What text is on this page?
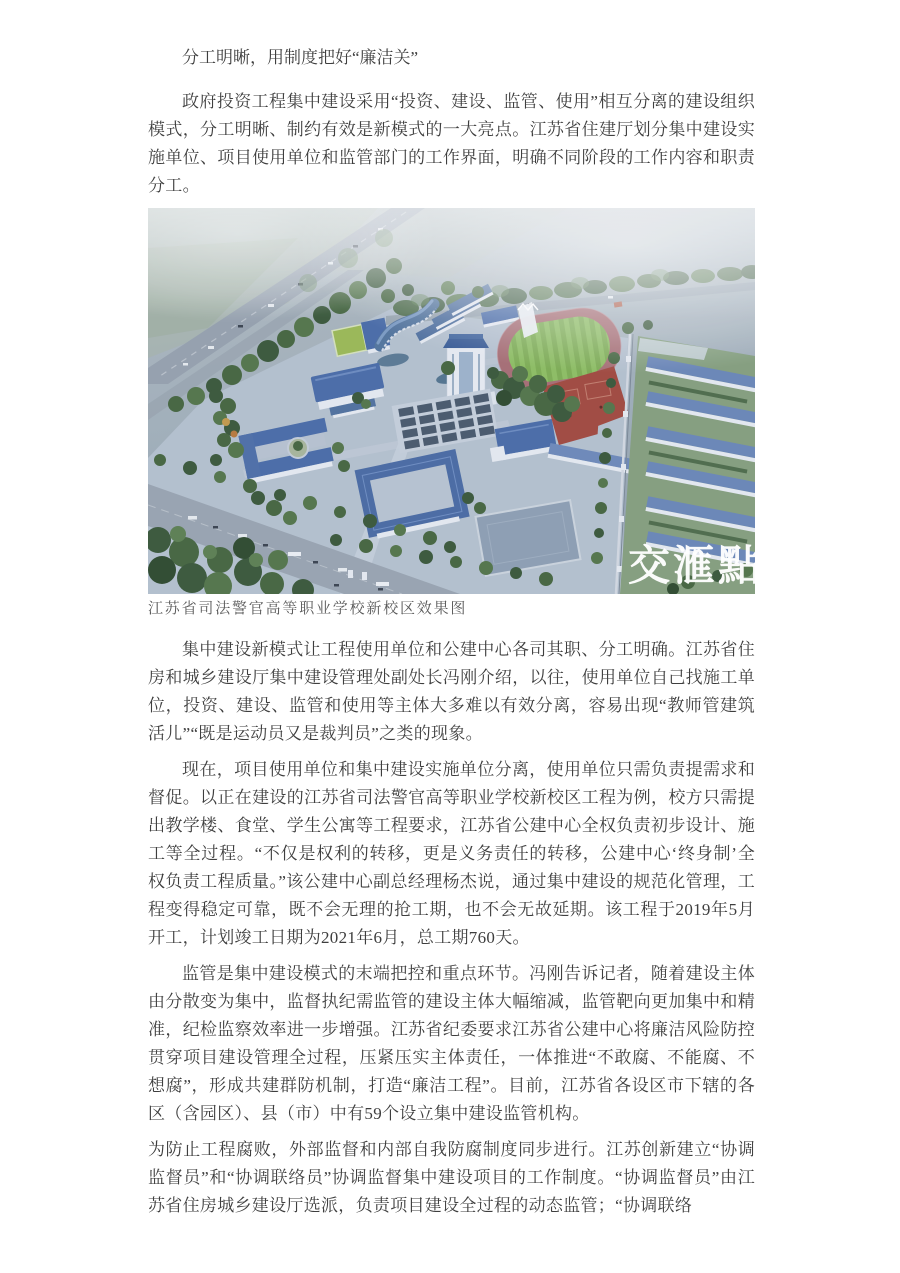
分工明晰，用制度把好“廉洁关”

政府投资工程集中建设采用“投资、建设、监管、使用”相互分离的建设组织模式，分工明晰、制约有效是新模式的一大亮点。江苏省住建厅划分集中建设实施单位、项目使用单位和监管部门的工作界面，明确不同阶段的工作内容和职责分工。

交滙點
江苏省司法警官高等职业学校新校区效果图

集中建设新模式让工程使用单位和公建中心各司其职、分工明确。江苏省住房和城乡建设厅集中建设管理处副处长冯刚介绍，以往，使用单位自己找施工单位，投资、建设、监管和使用等主体大多难以有效分离，容易出现“教师管建筑活儿”“既是运动员又是裁判员”之类的现象。

现在，项目使用单位和集中建设实施单位分离，使用单位只需负责提需求和督促。以正在建设的江苏省司法警官高等职业学校新校区工程为例，校方只需提出教学楼、食堂、学生公寓等工程要求，江苏省公建中心全权负责初步设计、施工等全过程。“不仅是权利的转移，更是义务责任的转移，公建中心‘终身制’全权负责工程质量。”该公建中心副总经理杨杰说，通过集中建设的规范化管理，工程变得稳定可靠，既不会无理的抢工期，也不会无故延期。该工程于2019年5月开工，计划竣工日期为2021年6月，总工期760天。

监管是集中建设模式的末端把控和重点环节。冯刚告诉记者，随着建设主体由分散变为集中，监督执纪需监管的建设主体大幅缩减，监管靶向更加集中和精准，纪检监察效率进一步增强。江苏省纪委要求江苏省公建中心将廉洁风险防控贯穿项目建设管理全过程，压紧压实主体责任，一体推进“不敢腐、不能腐、不想腐”，形成共建群防机制，打造“廉洁工程”。目前，江苏省各设区市下辖的各区（含园区）、县（市）中有59个设立集中建设监管机构。

为防止工程腐败，外部监督和内部自我防腐制度同步进行。江苏创新建立“协调监督员”和“协调联络员”协调监督集中建设项目的工作制度。“协调监督员”由江苏省住房城乡建设厅选派，负责项目建设全过程的动态监管；“协调联络
